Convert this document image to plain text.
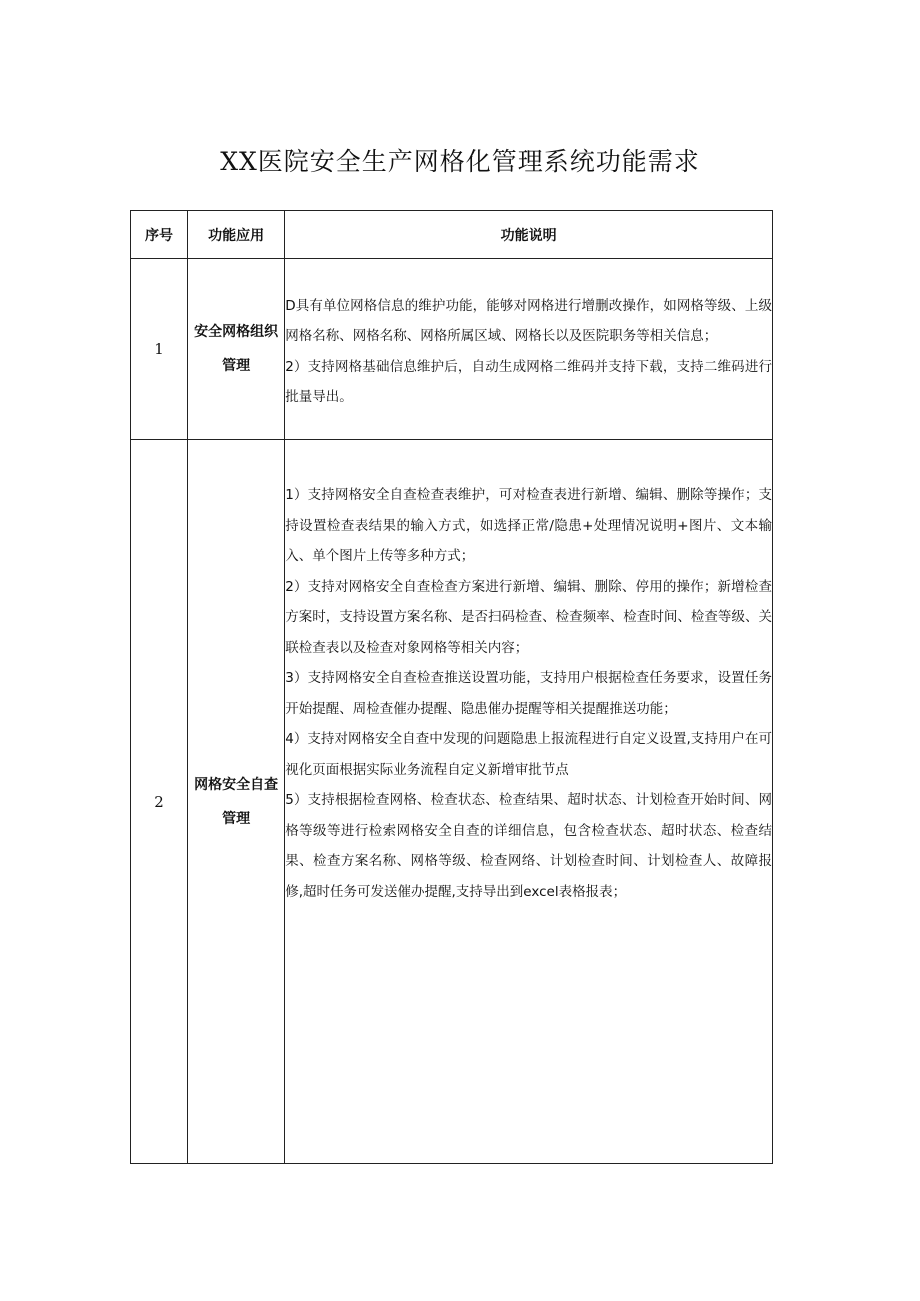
XX医院安全生产网格化管理系统功能需求
序号	功能应用	功能说明
1	安全网格组织管理	D具有单位网格信息的维护功能，能够对网格进行增删改操作，如网格等级、上级网格名称、网格名称、网格所属区域、网格长以及医院职务等相关信息；
2）支持网格基础信息维护后，自动生成网格二维码并支持下载，支持二维码进行批量导出。

2	网格安全自查管理	1）支持网格安全自查检查表维护，可对检查表进行新增、编辑、删除等操作；支持设置检查表结果的输入方式，如选择正常/隐患+处理情况说明+图片、文本输入、单个图片上传等多种方式；
2）支持对网格安全自查检查方案进行新增、编辑、删除、停用的操作；新增检查方案时，支持设置方案名称、是否扫码检查、检查频率、检查时间、检查等级、关联检查表以及检查对象网格等相关内容；
3）支持网格安全自查检查推送设置功能，支持用户根据检查任务要求，设置任务开始提醒、周检查催办提醒、隐患催办提醒等相关提醒推送功能；
4）支持对网格安全自查中发现的问题隐患上报流程进行自定义设置,支持用户在可视化页面根据实际业务流程自定义新增审批节点
5）支持根据检查网格、检查状态、检查结果、超时状态、计划检查开始时间、网格等级等进行检索网格安全自查的详细信息，包含检查状态、超时状态、检查结果、检查方案名称、网格等级、检查网络、计划检查时间、计划检查人、故障报修,超时任务可发送催办提醒,支持导出到excel表格报表；
